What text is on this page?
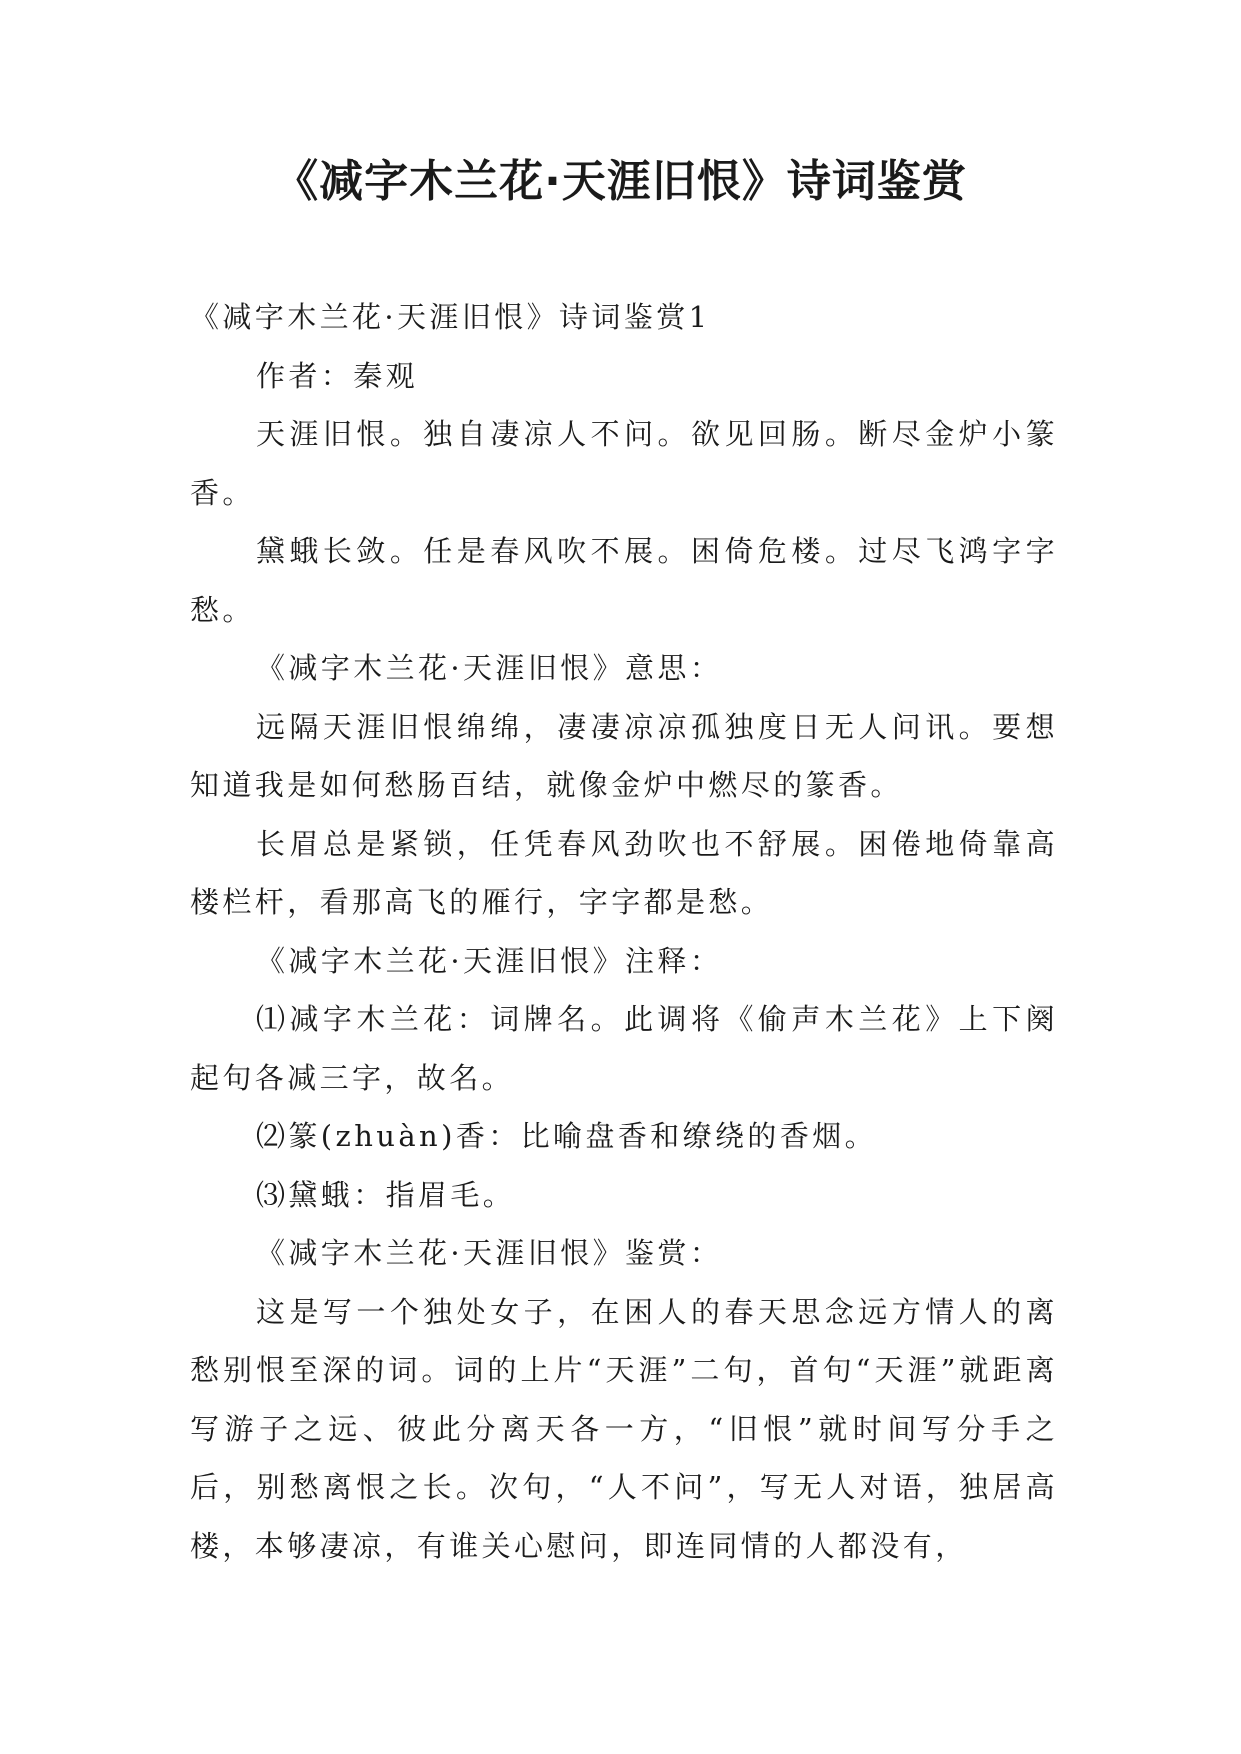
《减字木兰花·天涯旧恨》诗词鉴赏

《减字木兰花·天涯旧恨》诗词鉴赏1

作者：秦观

天涯旧恨。独自凄凉人不问。欲见回肠。断尽金炉小篆香。

黛蛾长敛。任是春风吹不展。困倚危楼。过尽飞鸿字字愁。

《减字木兰花·天涯旧恨》意思：

远隔天涯旧恨绵绵，凄凄凉凉孤独度日无人问讯。要想知道我是如何愁肠百结，就像金炉中燃尽的篆香。

长眉总是紧锁，任凭春风劲吹也不舒展。困倦地倚靠高楼栏杆，看那高飞的雁行，字字都是愁。

《减字木兰花·天涯旧恨》注释：

⑴减字木兰花：词牌名。此调将《偷声木兰花》上下阕起句各减三字，故名。

⑵篆(zhuàn)香：比喻盘香和缭绕的香烟。

⑶黛蛾：指眉毛。

《减字木兰花·天涯旧恨》鉴赏：

这是写一个独处女子，在困人的春天思念远方情人的离愁别恨至深的词。词的上片“天涯”二句，首句“天涯”就距离写游子之远、彼此分离天各一方，“旧恨”就时间写分手之后，别愁离恨之长。次句，“人不问”，写无人对语，独居高楼，本够凄凉，有谁关心慰问，即连同情的人都没有，
